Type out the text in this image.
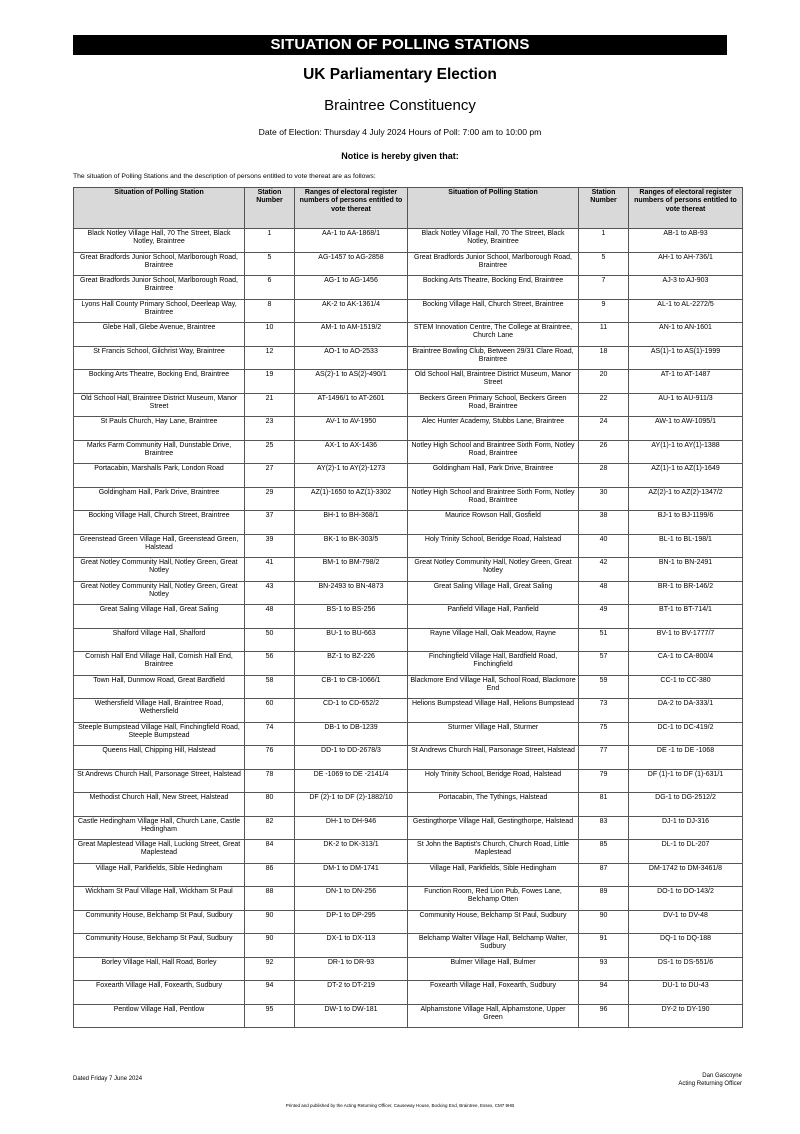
SITUATION OF POLLING STATIONS
UK Parliamentary Election
Braintree Constituency
Date of Election: Thursday 4 July 2024 Hours of Poll: 7:00 am to 10:00 pm
Notice is hereby given that:
The situation of Polling Stations and the description of persons entitled to vote thereat are as follows:
Situation of Polling Station	Station Number	Ranges of electoral register numbers of persons entitled to vote thereat	Situation of Polling Station	Station Number	Ranges of electoral register numbers of persons entitled to vote thereat
Black Notley Village Hall, 70 The Street, Black Notley, Braintree	1	AA-1 to AA-1868/1	Black Notley Village Hall, 70 The Street, Black Notley, Braintree	1	AB-1 to AB-93
Great Bradfords Junior School, Marlborough Road, Braintree	5	AG-1457 to AG-2858	Great Bradfords Junior School, Marlborough Road, Braintree	5	AH-1 to AH-736/1
Great Bradfords Junior School, Marlborough Road, Braintree	6	AG-1 to AG-1456	Bocking Arts Theatre, Bocking End, Braintree	7	AJ-3 to AJ-903
Lyons Hall County Primary School, Deerleap Way, Braintree	8	AK-2 to AK-1361/4	Bocking Village Hall, Church Street, Braintree	9	AL-1 to AL-2272/5
Glebe Hall, Glebe Avenue, Braintree	10	AM-1 to AM-1519/2	STEM Innovation Centre, The College at Braintree, Church Lane	11	AN-1 to AN-1601
St Francis School, Gilchrist Way, Braintree	12	AO-1 to AO-2533	Braintree Bowling Club, Between 29/31 Clare Road, Braintree	18	AS(1)-1 to AS(1)-1999
Bocking Arts Theatre, Bocking End, Braintree	19	AS(2)-1 to AS(2)-490/1	Old School Hall, Braintree District Museum, Manor Street	20	AT-1 to AT-1487
Old School Hall, Braintree District Museum, Manor Street	21	AT-1496/1 to AT-2601	Beckers Green Primary School, Beckers Green Road, Braintree	22	AU-1 to AU-911/3
St Pauls Church, Hay Lane, Braintree	23	AV-1 to AV-1950	Alec Hunter Academy, Stubbs Lane, Braintree	24	AW-1 to AW-1095/1
Marks Farm Community Hall, Dunstable Drive, Braintree	25	AX-1 to AX-1436	Notley High School and Braintree Sixth Form, Notley Road, Braintree	26	AY(1)-1 to AY(1)-1388
Portacabin, Marshalls Park, London Road	27	AY(2)-1 to AY(2)-1273	Goldingham Hall, Park Drive, Braintree	28	AZ(1)-1 to AZ(1)-1649
Goldingham Hall, Park Drive, Braintree	29	AZ(1)-1650 to AZ(1)-3302	Notley High School and Braintree Sixth Form, Notley Road, Braintree	30	AZ(2)-1 to AZ(2)-1347/2
Bocking Village Hall, Church Street, Braintree	37	BH-1 to BH-368/1	Maurice Rowson Hall, Gosfield	38	BJ-1 to BJ-1199/6
Greenstead Green Village Hall, Greenstead Green, Halstead	39	BK-1 to BK-303/5	Holy Trinity School, Beridge Road, Halstead	40	BL-1 to BL-198/1
Great Notley Community Hall, Notley Green, Great Notley	41	BM-1 to BM-798/2	Great Notley Community Hall, Notley Green, Great Notley	42	BN-1 to BN-2491
Great Notley Community Hall, Notley Green, Great Notley	43	BN-2493 to BN-4873	Great Saling Village Hall, Great Saling	48	BR-1 to BR-146/2
Great Saling Village Hall, Great Saling	48	BS-1 to BS-256	Panfield Village Hall, Panfield	49	BT-1 to BT-714/1
Shalford Village Hall, Shalford	50	BU-1 to BU-663	Rayne Village Hall, Oak Meadow, Rayne	51	BV-1 to BV-1777/7
Cornish Hall End Village Hall, Cornish Hall End, Braintree	56	BZ-1 to BZ-226	Finchingfield Village Hall, Bardfield Road, Finchingfield	57	CA-1 to CA-800/4
Town Hall, Dunmow Road, Great Bardfield	58	CB-1 to CB-1066/1	Blackmore End Village Hall, School Road, Blackmore End	59	CC-1 to CC-380
Wethersfield Village Hall, Braintree Road, Wethersfield	60	CD-1 to CD-652/2	Helions Bumpstead Village Hall, Helions Bumpstead	73	DA-2 to DA-333/1
Steeple Bumpstead Village Hall, Finchingfield Road, Steeple Bumpstead	74	DB-1 to DB-1239	Sturmer Village Hall, Sturmer	75	DC-1 to DC-419/2
Queens Hall, Chipping Hill, Halstead	76	DD-1 to DD-2678/3	St Andrews Church Hall, Parsonage Street, Halstead	77	DE -1 to DE -1068
St Andrews Church Hall, Parsonage Street, Halstead	78	DE -1069 to DE -2141/4	Holy Trinity School, Beridge Road, Halstead	79	DF (1)-1 to DF (1)-631/1
Methodist Church Hall, New Street, Halstead	80	DF (2)-1 to DF (2)-1882/10	Portacabin, The Tythings, Halstead	81	DG-1 to DG-2512/2
Castle Hedingham Village Hall, Church Lane, Castle Hedingham	82	DH-1 to DH-946	Gestingthorpe Village Hall, Gestingthorpe, Halstead	83	DJ-1 to DJ-316
Great Maplestead Village Hall, Lucking Street, Great Maplestead	84	DK-2 to DK-313/1	St John the Baptist's Church, Church Road, Little Maplestead	85	DL-1 to DL-207
Village Hall, Parkfields, Sible Hedingham	86	DM-1 to DM-1741	Village Hall, Parkfields, Sible Hedingham	87	DM-1742 to DM-3461/8
Wickham St Paul Village Hall, Wickham St Paul	88	DN-1 to DN-256	Function Room, Red Lion Pub, Fowes Lane, Belchamp Otten	89	DO-1 to DO-143/2
Community House, Belchamp St Paul, Sudbury	90	DP-1 to DP-295	Community House, Belchamp St Paul, Sudbury	90	DV-1 to DV-48
Community House, Belchamp St Paul, Sudbury	90	DX-1 to DX-113	Belchamp Walter Village Hall, Belchamp Walter, Sudbury	91	DQ-1 to DQ-188
Borley Village Hall, Hall Road, Borley	92	DR-1 to DR-93	Bulmer Village Hall, Bulmer	93	DS-1 to DS-551/6
Foxearth Village Hall, Foxearth, Sudbury	94	DT-2 to DT-219	Foxearth Village Hall, Foxearth, Sudbury	94	DU-1 to DU-43
Pentlow Village Hall, Pentlow	95	DW-1 to DW-181	Alphamstone Village Hall, Alphamstone, Upper Green	96	DY-2 to DY-190
Dated Friday 7 June 2024	Dan Gascoyne
Acting Returning Officer
Printed and published by the Acting Returning Officer, Causeway House, Bocking End, Braintree, Essex, CM7 9HB
